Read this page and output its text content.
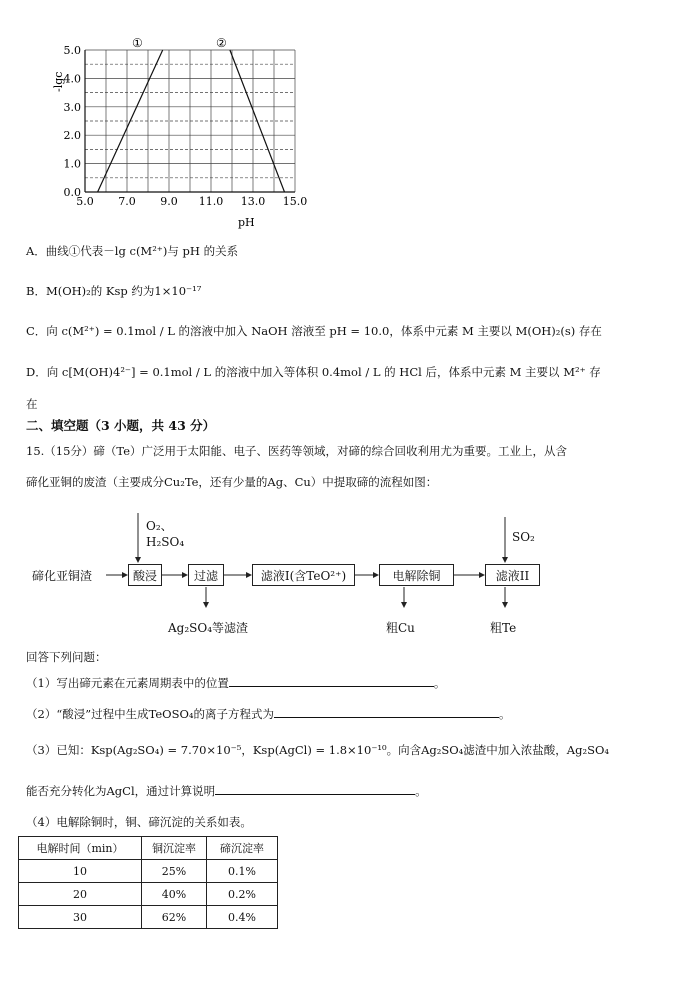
5.0
4.0
3.0
2.0
1.0
0.0
5.0 7.0 9.0 11.0 13.0 15.0
-lgc
pH
①	②
A．曲线①代表－lg c(M²⁺)与 pH 的关系
B．M(OH)₂的 Ksp 约为1×10⁻¹⁷
C．向 c(M²⁺) = 0.1mol / L 的溶液中加入 NaOH 溶液至 pH = 10.0，体系中元素 M 主要以 M(OH)₂(s) 存在
D．向 c[M(OH)4²⁻] = 0.1mol / L 的溶液中加入等体积 0.4mol / L 的 HCl 后，体系中元素 M 主要以 M²⁺ 存
在
二、填空题（3 小题，共 43 分）
15.（15分）碲（Te）广泛用于太阳能、电子、医药等领域，对碲的综合回收利用尤为重要。工业上，从含
碲化亚铜的废渣（主要成分Cu₂Te，还有少量的Ag、Cu）中提取碲的流程如图：
碲化亚铜渣	酸浸	过滤	滤液I(含TeO²⁺)	电解除铜	滤液II
O₂、
H₂SO₄	SO₂
Ag₂SO₄等滤渣	粗Cu	粗Te
回答下列问题：
（1）写出碲元素在元素周期表中的位置	。
（2）“酸浸”过程中生成TeOSO₄的离子方程式为	。
（3）已知：Ksp(Ag₂SO₄) = 7.70×10⁻⁵，Ksp(AgCl) = 1.8×10⁻¹⁰。向含Ag₂SO₄滤渣中加入浓盐酸，Ag₂SO₄
能否充分转化为AgCl，通过计算说明	。
（4）电解除铜时，铜、碲沉淀的关系如表。
电解时间（min）	铜沉淀率	碲沉淀率
10	25%	0.1%
20	40%	0.2%
30	62%	0.4%
